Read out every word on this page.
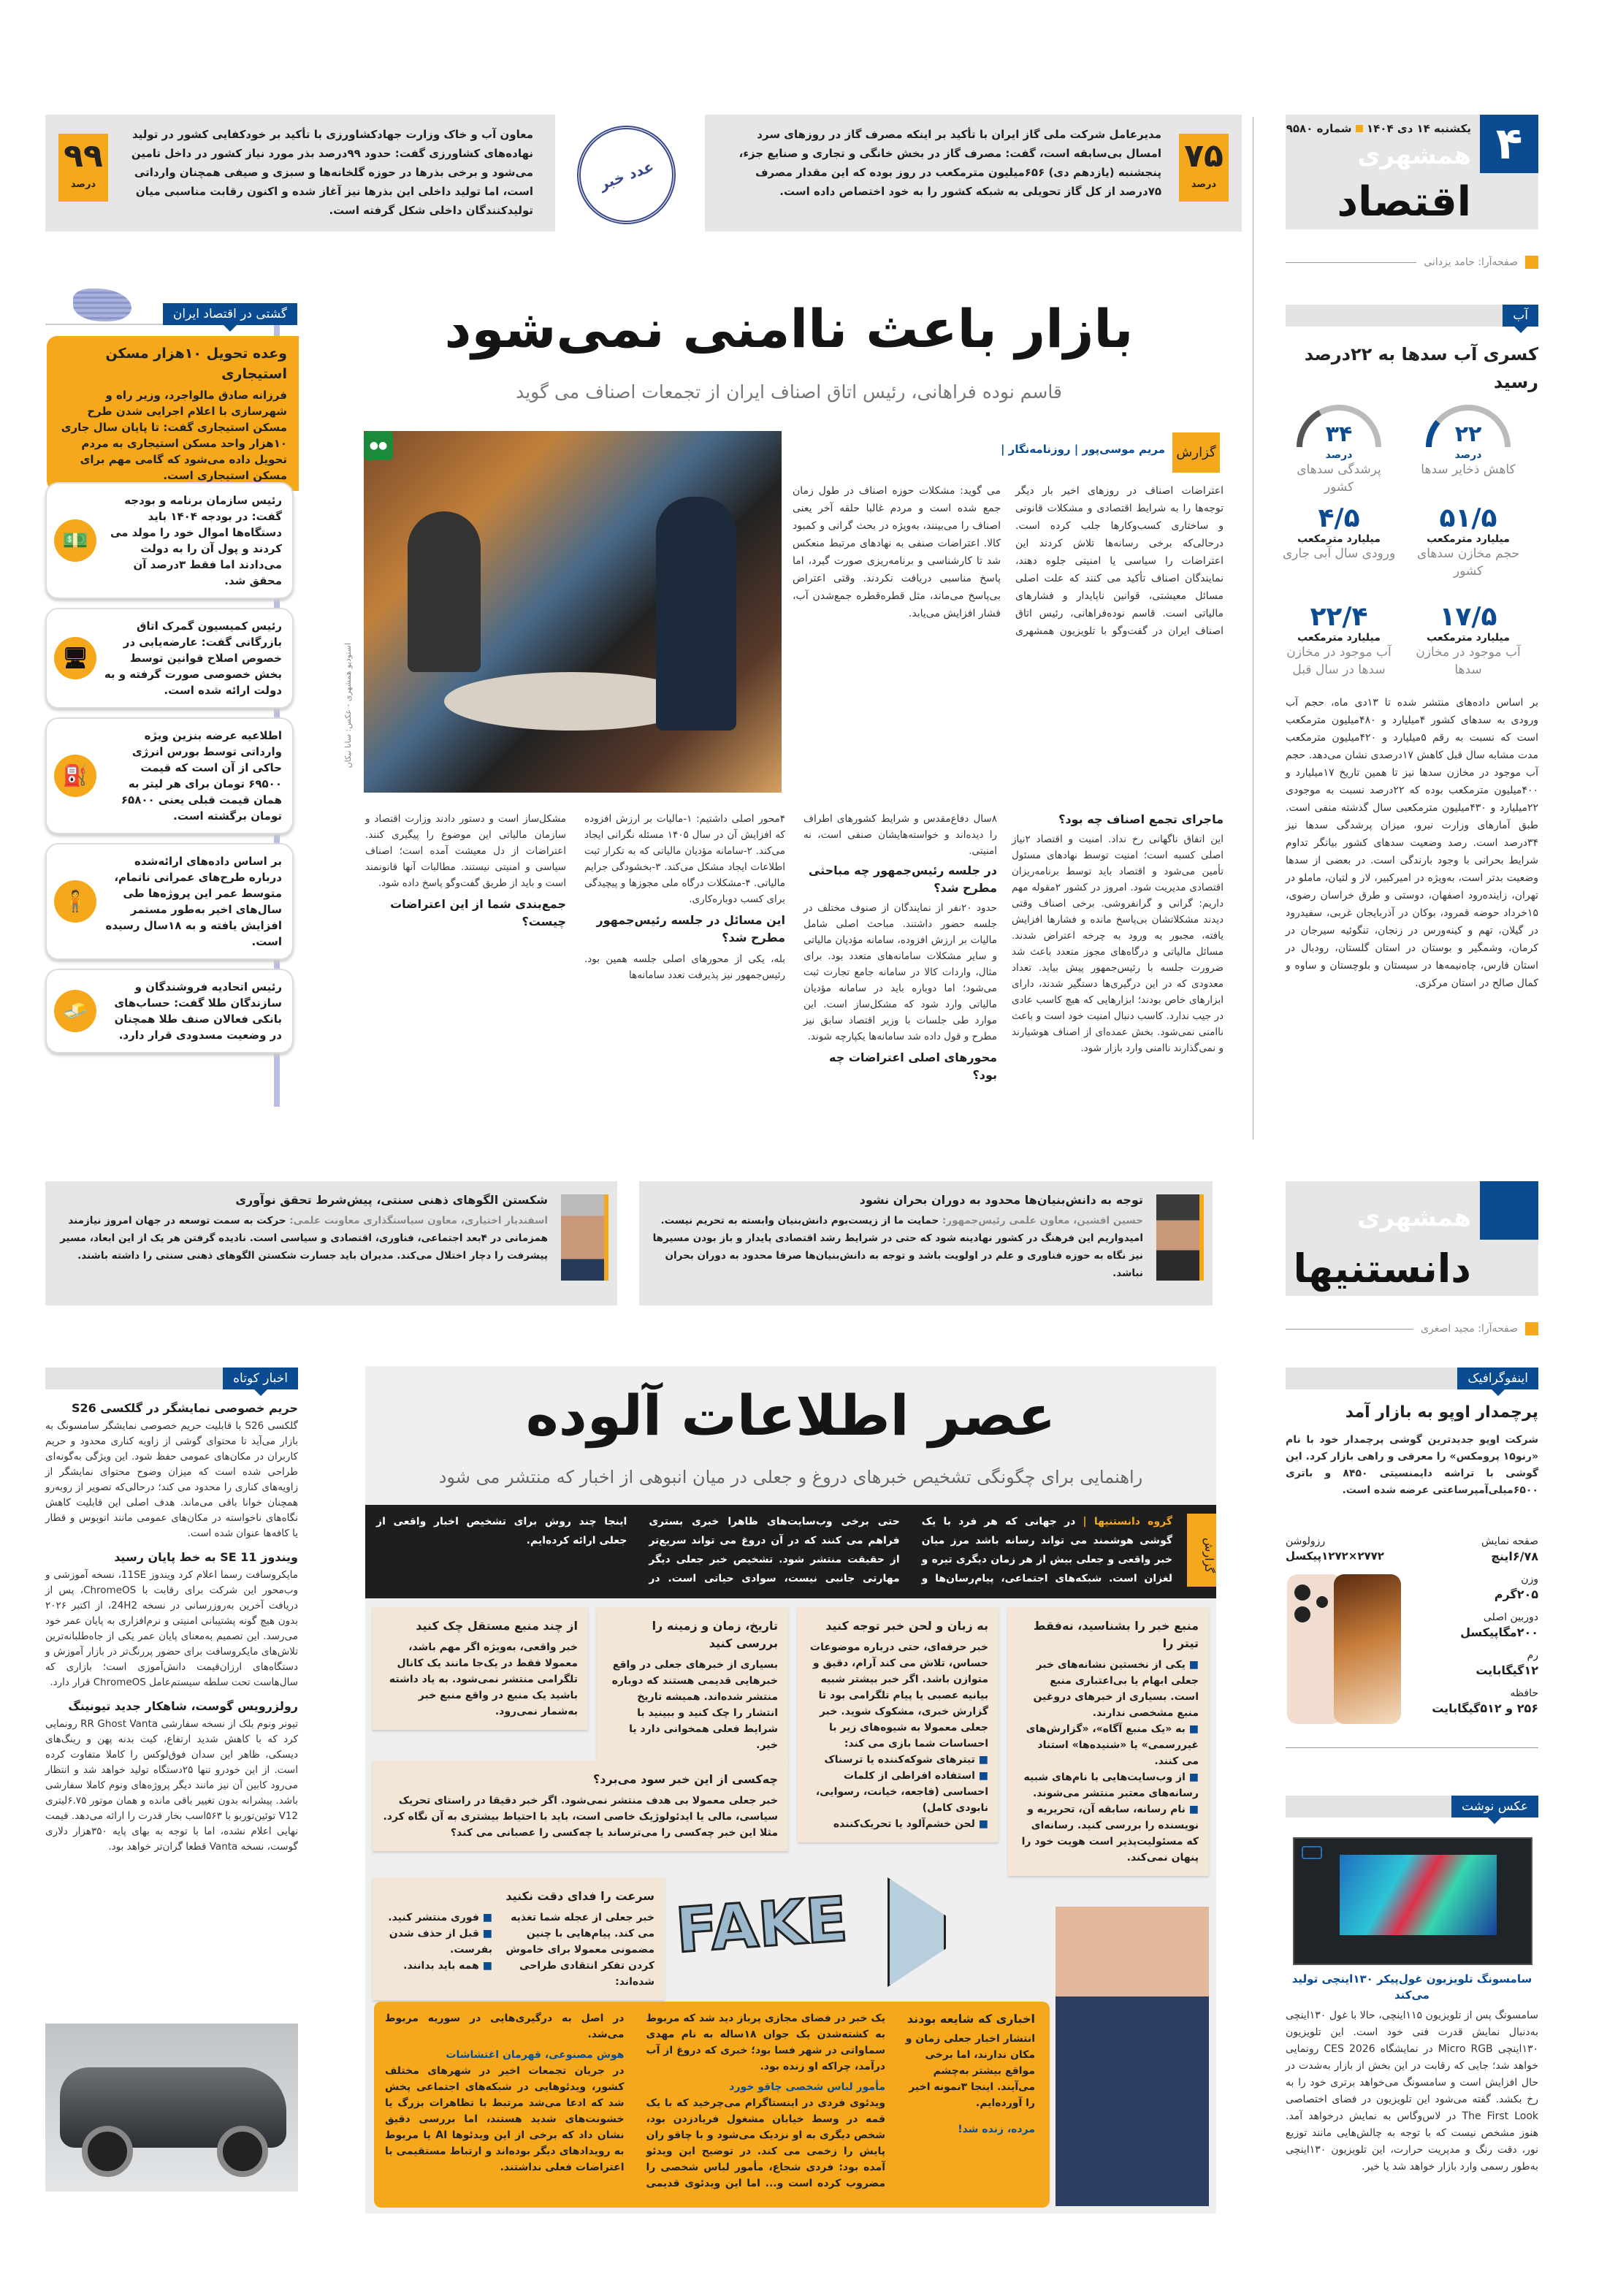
۴
یکشنبه ۱۴ دی ۱۴۰۴  شماره ۹۵۸۰
همشهری
اقتصاد
صفحه‌آرا: حامد یزدانی
۷۵
درصد
مدیرعامل شرکت ملی گاز ایران با تأکید بر اینکه مصرف گاز در روزهای سرد امسال بی‌سابقه است، گفت: مصرف گاز در بخش خانگی و تجاری و صنایع جزء، پنجشنبه (یازدهم دی) ۶۵۶میلیون مترمکعب در روز بوده که این مقدار مصرف ۷۵درصد از کل گاز تحویلی به شبکه کشور را به خود اختصاص داده است.
۹۹
درصد
معاون آب و خاک وزارت جهادکشاورزی با تأکید بر خودکفایی کشور در تولید نهاده‌های کشاورزی گفت: حدود ۹۹درصد بذر مورد نیاز کشور در داخل تامین می‌شود و برخی بذرها در حوزه گلخانه‌ها و سبزی و صیفی همچنان وارداتی است، اما تولید داخلی این بذرها نیز آغاز شده و اکنون رقابت مناسبی میان تولیدکنندگان داخلی شکل گرفته است.
عدد خبر
آب
کسری آب سدها به ۲۲درصد رسید
۲۲
درصد
کاهش ذخایر سدها
۳۴
درصد
پرشدگی سدهای کشور
۵۱/۵
میلیارد مترمکعب
حجم مخازن سدهای کشور
۴/۵
میلیارد مترمکعب
ورودی سال آبی جاری
۱۷/۵
میلیارد مترمکعب
آب موجود در مخازن سدها
۲۲/۴
میلیارد مترمکعب
آب موجود در مخازن سدها در سال قبل
بر اساس داده‌های منتشر شده تا ۱۳دی ماه، حجم آب ورودی به سدهای کشور ۴میلیارد و ۴۸۰میلیون مترمکعب است که نسبت به رقم ۵میلیارد و ۴۲۰میلیون مترمکعب مدت مشابه سال قبل کاهش ۱۷درصدی نشان می‌دهد. حجم آب موجود در مخازن سدها نیز تا همین تاریخ ۱۷میلیارد و ۴۰۰میلیون مترمکعب بوده که ۲۲درصد نسبت به موجودی ۲۲میلیارد و ۴۳۰میلیون مترمکعبی سال گذشته منفی است. طبق آمارهای وزارت نیرو، میزان پرشدگی سدها نیز ۳۴درصد است. رصد وضعیت سدهای کشور بیانگر تداوم شرایط بحرانی با وجود بارندگی است. در بعضی از سدها وضعیت بدتر است، به‌ویژه در امیرکبیر، لار و لتیان، ماملو در تهران، زاینده‌رود اصفهان، دوستی و طرق خراسان رضوی، ۱۵خرداد حوضه قمرود، بوکان در آذربایجان غربی، سفیدرود در گیلان، تهم و کینه‌ورس در زنجان، تنگوئیه سیرجان در کرمان، وشمگیر و بوستان در استان گلستان، رودبال در استان فارس، چاه‌نیمه‌ها در سیستان و بلوچستان و ساوه و کمال صالح در استان مرکزی.
بازار باعث ناامنی نمی‌شود
قاسم نوده فراهانی، رئیس اتاق اصناف ایران از تجمعات اصناف می گوید
●●
استودیو همشهری - عکس: سانا نیکان
گزارش
مریم موسی‌پور | روزنامه‌نگار |
اعتراضات اصناف در روزهای اخیر بار دیگر توجه‌ها را به شرایط اقتصادی و مشکلات قانونی و ساختاری کسب‌وکارها جلب کرده است. درحالی‌که برخی رسانه‌ها تلاش کردند این اعتراضات را سیاسی یا امنیتی جلوه دهند، نمایندگان اصناف تأکید می کنند که علت اصلی مسائل معیشتی، قوانین ناپایدار و فشارهای مالیاتی است. قاسم نوده‌فراهانی، رئیس اتاق اصناف ایران در گفت‌وگو با تلویزیون همشهری می گوید: مشکلات حوزه اصناف در طول زمان جمع شده است و مردم غالبا حلقه آخر یعنی اصناف را می‌بینند، به‌ویژه در بحث گرانی و کمبود کالا. اعتراضات صنفی به نهادهای مرتبط منعکس شد تا کارشناسی و برنامه‌ریزی صورت گیرد، اما پاسخ مناسبی دریافت نکردند. وقتی اعتراض بی‌پاسخ می‌ماند، مثل قطره‌قطره جمع‌شدن آب، فشار افزایش می‌یابد.
ماجرای تجمع اصناف چه بود؟
این اتفاق ناگهانی رخ نداد. امنیت و اقتصاد ۲نیاز اصلی کسبه است؛ امنیت توسط نهادهای مسئول تأمین می‌شود و اقتصاد باید توسط برنامه‌ریزان اقتصادی مدیریت شود. امروز در کشور ۲مقوله مهم داریم: گرانی و گرانفروشی. برخی اصناف وقتی دیدند مشکلاتشان بی‌پاسخ مانده و فشارها افزایش یافته، مجبور به ورود به چرخه اعتراض شدند. مسائل مالیاتی و درگاه‌های مجوز متعدد باعث شد ضرورت جلسه با رئیس‌جمهور پیش بیاید. تعداد معدودی که در این درگیری‌ها دستگیر شدند، دارای ابزارهای خاص بودند؛ ابزارهایی که هیچ کاسب عادی در جیب ندارد. کاسب دنبال امنیت خود است و باعث ناامنی نمی‌شود. بخش عمده‌ای از اصناف هوشیارند و نمی‌گذارند ناامنی وارد بازار شود.
۸سال دفاع‌مقدس و شرایط کشورهای اطراف را دیده‌اند و خواسته‌هایشان صنفی است، نه امنیتی.
در جلسه رئیس‌جمهور چه مباحثی مطرح شد؟
حدود ۲۰نفر از نمایندگان از صنوف مختلف در جلسه حضور داشتند. مباحث اصلی شامل مالیات بر ارزش افزوده، سامانه مؤدیان مالیاتی و سایر مشکلات سامانه‌های متعدد بود. برای مثال، واردات کالا در سامانه جامع تجارت ثبت می‌شود؛ اما دوباره باید در سامانه مؤدیان مالیاتی وارد شود که مشکل‌ساز است. این موارد طی جلسات با وزیر اقتصاد سابق نیز مطرح و قول داده شد سامانه‌ها یکپارچه شوند.
محورهای اصلی اعتراضات چه بود؟
۴محور اصلی داشتیم: ۱-مالیات بر ارزش افزوده که افزایش آن در سال ۱۴۰۵ مسئله نگرانی ایجاد می‌کند. ۲-سامانه مؤدیان مالیاتی که به تکرار ثبت اطلاعات ایجاد مشکل می‌کند. ۳-بخشودگی جرایم مالیاتی. ۴-مشکلات درگاه ملی مجوزها و پیچیدگی برای کسب دوباره‌کاری.
این مسائل در جلسه رئیس‌جمهور مطرح شد؟
بله، یکی از محورهای اصلی جلسه همین بود. رئیس‌جمهور نیز پذیرفت تعدد سامانه‌ها
مشکل‌ساز است و دستور دادند وزارت اقتصاد و سازمان مالیاتی این موضوع را پیگیری کنند. اعتراضات از دل معیشت آمده است؛ اصناف سیاسی و امنیتی نیستند. مطالبات آنها قانونمند است و باید از طریق گفت‌وگو پاسخ داده شود.
جمع‌بندی شما از این اعتراضات چیست؟
گشتی در اقتصاد ایران
وعده تحویل ۱۰هزار مسکن استیجاری
فرزانه صادق مالواجرد، وزیر راه و شهرسازی با اعلام اجرایی شدن طرح مسکن استیجاری گفت: تا پایان سال جاری ۱۰هزار واحد مسکن استیجاری به مردم تحویل داده می‌شود که گامی مهم برای مسکن استیجاری است.
💵
رئیس سازمان برنامه و بودجه گفت: در بودجه ۱۴۰۴ باید دستگاه‌ها اموال خود را مولد می کردند و پول آن را به دولت می‌دادند اما فقط ۳درصد آن محقق شد.
🖥
رئیس کمیسیون گمرک اتاق بازرگانی گفت: عارضه‌یابی در خصوص اصلاح قوانین توسط بخش خصوصی صورت گرفته و به دولت ارائه شده است.
⛽
اطلاعیه عرضه بنزین ویژه وارداتی توسط بورس انرژی حاکی از آن است که قیمت ۶۹۵۰۰ تومان برای هر لیتر به همان قیمت قبلی یعنی ۶۵۸۰۰ تومان برگشته است.
🧍
بر اساس داده‌های ارائه‌شده درباره طرح‌های عمرانی ناتمام، متوسط عمر این پروژه‌ها طی سال‌های اخیر به‌طور مستمر افزایش یافته و به ۱۸سال رسیده است.
🧈
رئیس اتحادیه فروشندگان و سازندگان طلا گفت: حساب‌های بانکی فعالان صنف طلا همچنان در وضعیت مسدودی قرار دارد.
همشهری
دانستنیها
صفحه‌آرا: مجید اصغری
توجه به دانش‌بنیان‌ها محدود به دوران بحران نشود
حسین افشین، معاون علمی رئیس‌جمهور: حمایت ما از زیست‌بوم دانش‌بنیان وابسته به تحریم نیست. امیدواریم این فرهنگ در کشور نهادینه شود که حتی در شرایط رشد اقتصادی پایدار و باز بودن مسیرها نیز نگاه به حوزه فناوری و علم در اولویت باشد و توجه به دانش‌بنیان‌ها صرفا محدود به دوران بحران نباشد.
شکستن الگوهای ذهنی سنتی، پیش‌شرط تحقق نوآوری
اسفندیار اختیاری، معاون سیاستگذاری معاونت علمی: حرکت به سمت توسعه در جهان امروز نیازمند همزمانی در ۴بعد اجتماعی، فناوری، اقتصادی و سیاسی است. نادیده گرفتن هر یک از این ابعاد، مسیر پیشرفت را دچار اختلال می‌کند. مدیران باید جسارت شکستن الگوهای ذهنی سنتی را داشته باشند.
اینفوگرافیک
پرچمدار اوپو به بازار آمد
شرکت اوپو جدیدترین گوشی پرچمدار خود با نام «رنو۱۵ پرومکس» را معرفی و راهی بازار کرد. این گوشی با تراشه دایمنسیتی ۸۴۵۰ و باتری ۶۵۰۰میلی‌آمپرساعتی عرضه شده است.
صفحه نمایش
۶/۷۸اینچ
وزن
۲۰۵گرم
دوربین اصلی
۲۰۰مگاپیکسل
رم
۱۲گیگابایت
حافظه
۲۵۶ و ۵۱۲گیگابایت
رزولوشن
۲۷۷۲×۱۲۷۲پیکسل
عکس نوشت
سامسونگ تلویزیون غول‌پیکر ۱۳۰اینچی تولید می‌کند
سامسونگ پس از تلویزیون ۱۱۵اینچی، حالا با غول ۱۳۰اینچی به‌دنبال نمایش قدرت فنی خود است. این تلویزیون ۱۳۰اینچی Micro RGB در نمایشگاه CES 2026 رونمایی خواهد شد؛ جایی که رقابت در این بخش از بازار به‌شدت در حال افزایش است و سامسونگ می‌خواهد برتری خود را به رخ بکشد. گفته می‌شود این تلویزیون در فضای اختصاصی The First Look در لاس‌وگاس به نمایش درخواهد آمد. هنوز مشخص نیست که با توجه به چالش‌هایی مانند توزیع نور، دقت رنگ و مدیریت حرارت، این تلویزیون ۱۳۰اینچی به‌طور رسمی وارد بازار خواهد شد یا خیر.
اخبار کوتاه
حریم خصوصی نمایشگر در گلکسی S26
گلکسی S26 با قابلیت حریم خصوصی نمایشگر سامسونگ به بازار می‌آید تا محتوای گوشی از زاویه کناری محدود و حریم کاربران در مکان‌های عمومی حفظ شود. این ویژگی به‌گونه‌ای طراحی شده است که میزان وضوح محتوای نمایشگر از زاویه‌های کناری را محدود می کند؛ درحالی‌که تصویر از روبه‌رو همچنان خوانا باقی می‌ماند. هدف اصلی این قابلیت کاهش نگاه‌های ناخواسته در مکان‌های عمومی مانند اتوبوس و قطار یا کافه‌ها عنوان شده است.
ویندوز 11 SE به خط پایان رسید
مایکروسافت رسما اعلام کرد ویندوز 11SE، نسخه آموزشی و وب‌محور این شرکت برای رقابت با ChromeOS، پس از دریافت آخرین به‌روزرسانی در نسخه 24H2، از اکتبر ۲۰۲۶ بدون هیچ گونه پشتیبانی امنیتی و نرم‌افزاری به پایان عمر خود می‌رسد. این تصمیم به‌معنای پایان عمر یکی از جاه‌طلبانه‌ترین تلاش‌های مایکروسافت برای حضور پررنگ‌تر در بازار آموزش و دستگاه‌های ارزان‌قیمت دانش‌آموزی است؛ بازاری که سال‌هاست تحت سلطه سیستم‌عامل ChromeOS قرار دارد.
رولزرویس گوست، شاهکار جدید تیونینگ
تیونر ونوم بلک از نسخه سفارشی RR Ghost Vanta رونمایی کرد که با کاهش شدید ارتفاع، کیت بدنه پهن و رینگ‌های دیسکی، ظاهر این سدان فوق‌لوکس را کاملا متفاوت کرده است. از این خودرو تنها ۲۵دستگاه تولید خواهد شد و انتظار می‌رود کابین آن نیز مانند دیگر پروژه‌های ونوم کاملا سفارشی باشد. پیشرانه بدون تغییر باقی مانده و همان موتور ۶.۷۵لیتری V12 توئین‌توربو با ۵۶۳اسب بخار قدرت را ارائه می‌دهد. قیمت نهایی اعلام نشده، اما با توجه به بهای پایه ۳۵۰هزار دلاری گوست، نسخه Vanta قطعا گران‌تر خواهد بود.
عصر اطلاعات آلوده
راهنمایی برای چگونگی تشخیص خبرهای دروغ و جعلی در میان انبوهی از اخبار که منتشر می شود
گزارش
گروه دانستنیها | در جهانی که هر فرد با یک گوشی هوشمند می تواند رسانه باشد مرز میان خبر واقعی و جعلی بیش از هر زمان دیگری تیره و لغزان است. شبکه‌های اجتماعی، پیام‌رسان‌ها و حتی برخی وب‌سایت‌های ظاهرا خبری بستری فراهم می کنند که در آن دروغ می تواند سریع‌تر از حقیقت منتشر شود. تشخیص خبر جعلی دیگر مهارتی جانبی نیست، سوادی حیاتی است. در اینجا چند روش برای تشخیص اخبار واقعی از جعلی ارائه کرده‌ایم.
منبع خبر را بشناسید، نه‌فقط تیتر را
■ یکی از نخستین نشانه‌های خبر جعلی ابهام یا بی‌اعتباری منبع است. بسیاری از خبرهای دروغین منبع مشخصی ندارند.
■ به «یک منبع آگاه»، «گزارش‌های غیررسمی» یا «شنیده‌ها» استناد می کنند.
■ از وب‌سایت‌هایی با نام‌های شبیه رسانه‌های معتبر منتشر می‌شوند.
■ نام رسانه، سابقه آن، تحریریه و نویسنده را بررسی کنید. رسانه‌ای که مسئولیت‌پذیر است هویت خود را پنهان نمی‌کند.
به زبان و لحن خبر توجه کنید
خبر حرفه‌ای، حتی درباره موضوعات حساس، تلاش می کند آرام، دقیق و متوازن باشد. اگر خبر بیشتر شبیه بیانیه عصبی یا پیام تلگرامی بود تا گزارش خبری، مشکوک شوید. خبر جعلی معمولا به شیوه‌های زیر با احساسات شما بازی می کند:
■ تیترهای شوکه‌کننده یا ترسناک
■ استفاده افراطی از کلمات احساسی (فاجعه، خیانت، رسوایی، نابودی کامل)
■ لحن خشم‌آلود یا تحریک‌کننده
تاریخ، زمان و زمینه را بررسی کنید
بسیاری از خبرهای جعلی در واقع خبرهایی قدیمی هستند که دوباره منتشر شده‌اند. همیشه تاریخ انتشار را چک کنید و ببینید با شرایط فعلی همخوانی دارد یا خیر.
از چند منبع مستقل چک کنید
خبر واقعی، به‌ویژه اگر مهم باشد، معمولا فقط در یک‌جا مانند یک کانال تلگرامی منتشر نمی‌شود. به یاد داشته باشید یک منبع در واقع منبع خبر به‌شمار نمی‌رود.
چه‌کسی از این خبر سود می‌برد؟
خبر جعلی معمولا بی هدف منتشر نمی‌شود. اگر خبر دقیقا در راستای تحریک سیاسی، مالی یا ایدئولوژیک خاصی است، باید با احتیاط بیشتری به آن نگاه کرد. مثلا این خبر چه‌کسی را می‌ترساند یا چه‌کسی را عصبانی می کند؟
سرعت را فدای دقت نکنید
خبر جعلی از عجله شما تغذیه می کند. پیام‌هایی با چنین مضمونی معمولا برای خاموش کردن تفکر انتقادی طراحی شده‌اند:
■ فوری منتشر کنید.
■ قبل از حذف شدن بفرست.
■ همه باید بدانند.	FAKE
اخباری که شایعه بودند
انتشار اخبار جعلی زمان و مکان ندارند، اما برخی مواقع بیشتر به‌چشم می‌آیند. اینجا ۳نمونه اخیر را آورده‌ایم.
مرده، زنده شد!
یک خبر در فضای مجازی پرباز دید شد که مربوط به کشته‌شدن یک جوان ۱۸ساله به نام مهدی سماواتی در شهر فسا بود؛ خبری که دروغ از آب درآمد، چراکه او زنده بود.
مأمور لباس شخصی چاقو خورد
ویدئوی فردی در اینستاگرام می‌چرخید که با یک قمه در وسط خیابان مشغول فریادزدن بود، شخص دیگری به او نزدیک می‌شود و با چاقو ران پایش را زخمی می کند. در توضیح این ویدئو آمده بود: فردی شجاع، مأمور لباس شخصی را مضروب کرده است و... اما این ویدئوی قدیمی در اصل به درگیری‌هایی در سوریه مربوط می‌شد.
هوش مصنوعی، قهرمان اغتشاشات
در جریان تجمعات اخیر در شهرهای مختلف کشور، ویدئوهایی در شبکه‌های اجتماعی پخش شد که ادعا می‌شد مرتبط با تظاهرات بزرگ یا خشونت‌های شدید هستند، اما بررسی دقیق نشان داد که برخی از این ویدئوها AI یا مربوط به رویدادهای دیگر بوده‌اند و ارتباط مستقیمی با اعتراضات فعلی نداشتند.
